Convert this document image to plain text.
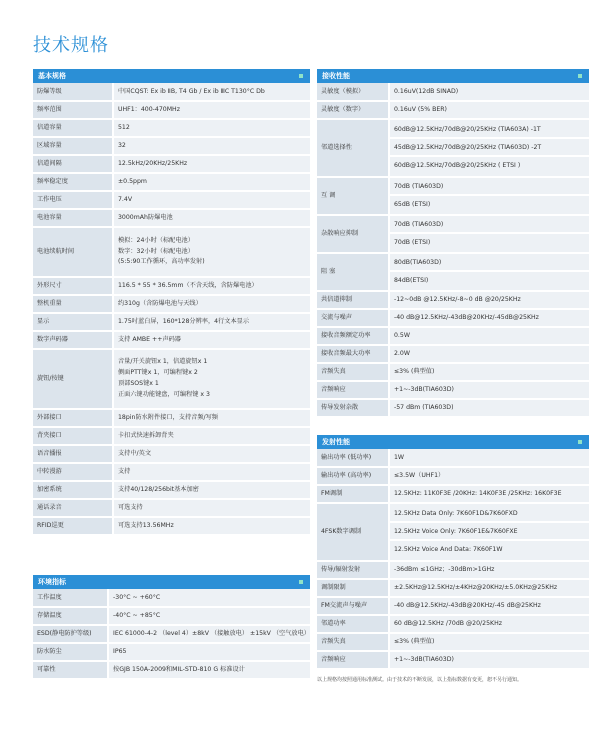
技术规格
基本规格
防爆等级	中国CQST: Ex ib ⅡB, T4 Gb / Ex ib ⅢC T130°C Db
频率范围	UHF1：400-470MHz
信道容量	512
区域容量	32
信道间隔	12.5kHz/20KHz/25KHz
频率稳定度	±0.5ppm
工作电压	7.4V
电池容量	3000mAh防爆电池
电池续航时间	模拟：24小时（标配电池）
数字：32小时（标配电池）
(5:5:90工作循环，高功率发射)

外形尺寸	116.5 * 55 * 36.5mm（不含天线，含防爆电池）
整机重量	约310g（含防爆电池与天线）
显示	1.75吋蓝白屏，160*128分辨率，4行文本显示
数字声码器	支持 AMBE ++声码器
旋钮/按键	音量/开关旋钮x 1，信道旋钮x 1
侧面PTT键x 1，可编程键x 2
顶部SOS键x 1
正面六键功能键盘，可编程键 x 3

外部接口	18pin防水附件接口，支持音频/写频
背夹接口	卡扣式快速拆卸背夹
语音播报	支持中/英文
中转漫游	支持
加密系统	支持40/128/256bit基本加密
通话录音	可选支持
RFID巡更	可选支持13.56MHz
环境指标
工作温度	-30°C ~ +60°C
存储温度	-40°C ~ +85°C
ESD(静电防护等级)	IEC 61000-4-2 （level 4）±8kV （接触放电） ±15kV （空气放电）
防水防尘	IP65
可靠性	按GJB 150A-2009和MIL-STD-810 G 标准设计
接收性能
灵敏度（模拟）	0.16uV(12dB SINAD)
灵敏度（数字）	0.16uV (5% BER)
邻道选择性	60dB@12.5KHz/70dB@20/25KHz (TIA603A) -1T
45dB@12.5KHz/70dB@20/25KHz (TIA603D) -2T
60dB@12.5KHz/70dB@20/25KHz ( ETSI )

互 调	70dB (TIA603D)
65dB (ETSI)

杂散响应抑制	70dB (TIA603D)
70dB (ETSI)

阻 塞	80dB(TIA603D)
84dB(ETSI)

共信道抑制	-12~0dB @12.5KHz/-8~0 dB @20/25KHz
交流与噪声	-40 dB@12.5KHz/-43dB@20KHz/-45dB@25KHz
接收音频额定功率	0.5W
接收音频最大功率	2.0W
音频失真	≤3% (典型值)
音频响应	+1~-3dB(TIA603D)
传导发射杂散	-57 dBm (TIA603D)
发射性能
输出功率 (低功率)	1W
输出功率 (高功率)	≤3.5W（UHF1）
FM调制	12.5KHz: 11K0F3E /20KHz: 14K0F3E /25KHz: 16K0F3E
4FSK数字调制	12.5KHz Data Only: 7K60F1D&7K60FXD
12.5KHz Voice Only: 7K60F1E&7K60FXE
12.5KHz Voice And Data: 7K60F1W

传导/辐射发射	-36dBm ≤1GHz；-30dBm>1GHz
调制限制	±2.5KHz@12.5KHz/±4KHz@20KHz/±5.0KHz@25KHz
FM交流声与噪声	-40 dB@12.5KHz/-43dB@20KHz/-45 dB@25KHz
邻道功率	60 dB@12.5KHz /70dB @20/25KHz
音频失真	≤3% (典型值)
音频响应	+1~-3dB(TIA603D)

以上规格均按照通用标准测试。由于技术的不断发展，以上指标数据有变更，恕不另行通知。
